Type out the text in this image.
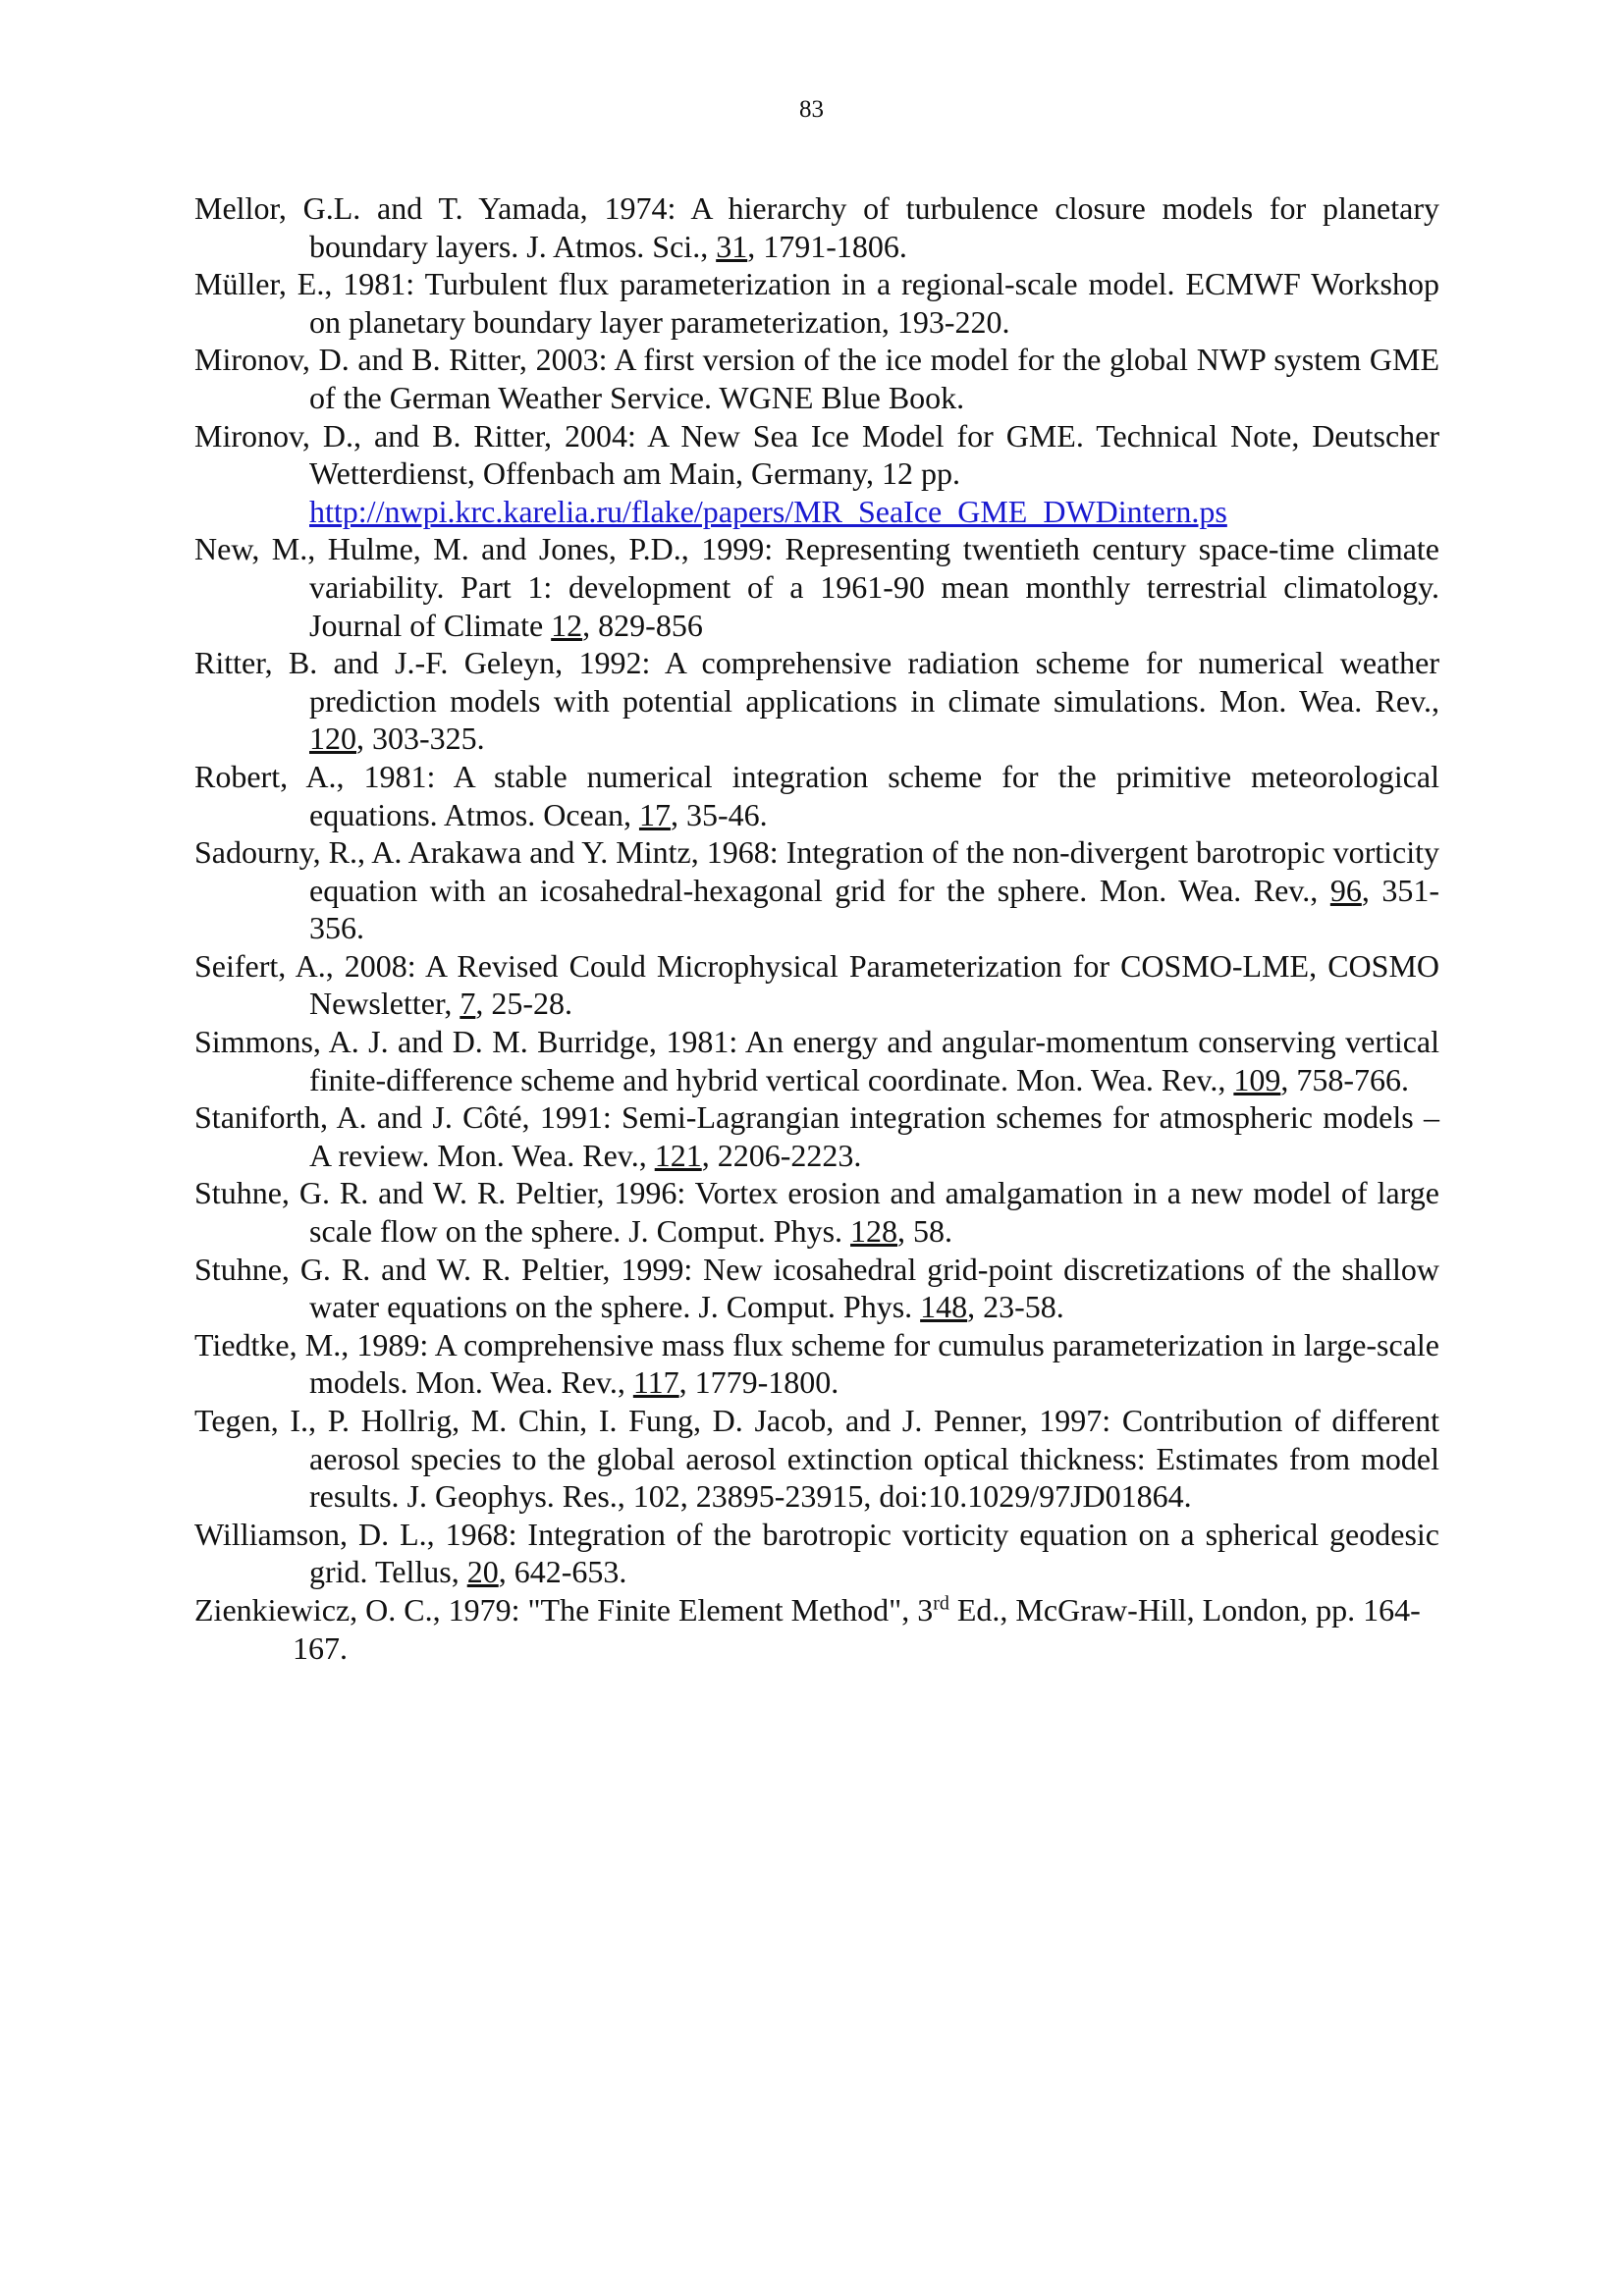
83
Mellor, G.L. and T. Yamada, 1974: A hierarchy of turbulence closure models for planetary boundary layers. J. Atmos. Sci., 31, 1791-1806.
Müller, E., 1981: Turbulent flux parameterization in a regional-scale model. ECMWF Workshop on planetary boundary layer parameterization, 193-220.
Mironov, D. and B. Ritter, 2003: A first version of the ice model for the global NWP system GME of the German Weather Service. WGNE Blue Book.
Mironov, D., and B. Ritter, 2004: A New Sea Ice Model for GME. Technical Note, Deutscher Wetterdienst, Offenbach am Main, Germany, 12 pp.
http://nwpi.krc.karelia.ru/flake/papers/MR_SeaIce_GME_DWDintern.ps
New, M., Hulme, M. and Jones, P.D., 1999: Representing twentieth century space-time climate variability. Part 1: development of a 1961-90 mean monthly terrestrial climatology. Journal of Climate 12, 829-856
Ritter, B. and J.-F. Geleyn, 1992: A comprehensive radiation scheme for numerical weather prediction models with potential applications in climate simulations. Mon. Wea. Rev., 120, 303-325.
Robert, A., 1981: A stable numerical integration scheme for the primitive meteorological equations. Atmos. Ocean, 17, 35-46.
Sadourny, R., A. Arakawa and Y. Mintz, 1968: Integration of the non-divergent barotropic vorticity equation with an icosahedral-hexagonal grid for the sphere. Mon. Wea. Rev., 96, 351-356.
Seifert, A., 2008: A Revised Could Microphysical Parameterization for COSMO-LME, COSMO Newsletter, 7, 25-28.
Simmons, A. J. and D. M. Burridge, 1981: An energy and angular-momentum conserving vertical finite-difference scheme and hybrid vertical coordinate. Mon. Wea. Rev., 109, 758-766.
Staniforth, A. and J. Côté, 1991: Semi-Lagrangian integration schemes for atmospheric models – A review. Mon. Wea. Rev., 121, 2206-2223.
Stuhne, G. R. and W. R. Peltier, 1996: Vortex erosion and amalgamation in a new model of large scale flow on the sphere. J. Comput. Phys. 128, 58.
Stuhne, G. R. and W. R. Peltier, 1999: New icosahedral grid-point discretizations of the shallow water equations on the sphere. J. Comput. Phys. 148, 23-58.
Tiedtke, M., 1989: A comprehensive mass flux scheme for cumulus parameterization in large-scale models. Mon. Wea. Rev., 117, 1779-1800.
Tegen, I., P. Hollrig, M. Chin, I. Fung, D. Jacob, and J. Penner, 1997: Contribution of different aerosol species to the global aerosol extinction optical thickness: Estimates from model results. J. Geophys. Res., 102, 23895-23915, doi:10.1029/97JD01864.
Williamson, D. L., 1968: Integration of the barotropic vorticity equation on a spherical geodesic grid. Tellus, 20, 642-653.
Zienkiewicz, O. C., 1979: "The Finite Element Method", 3rd Ed., McGraw-Hill, London, pp. 164-167.
